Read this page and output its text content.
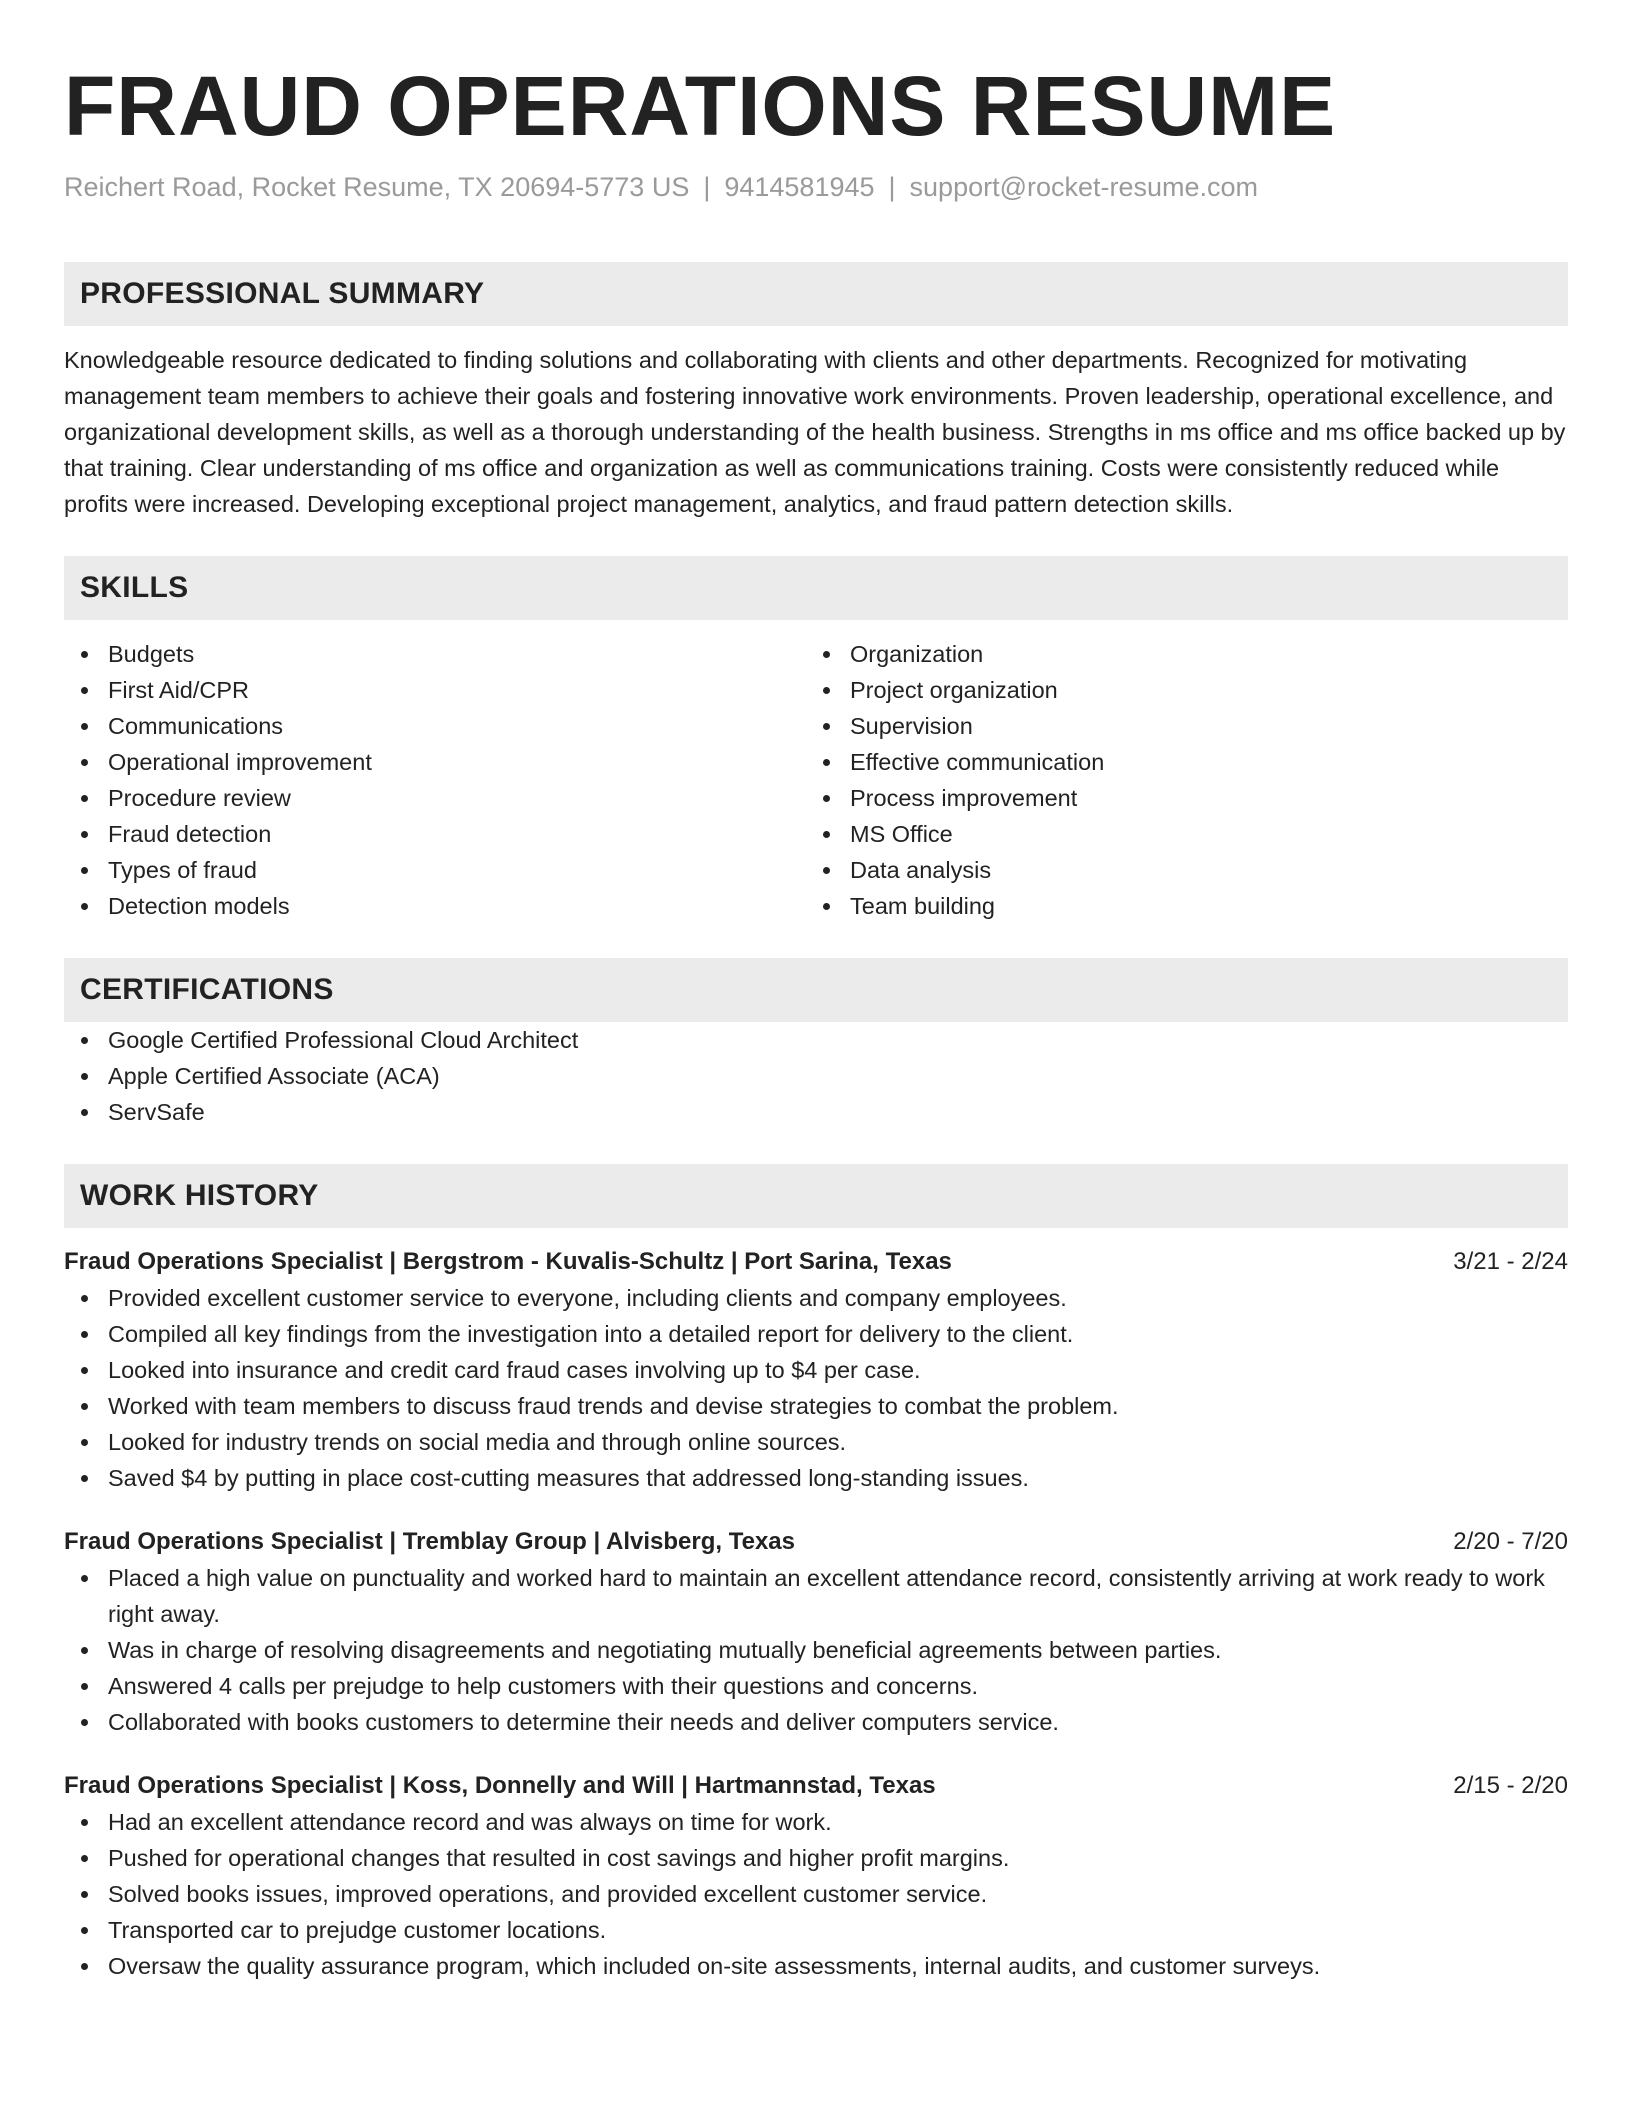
FRAUD OPERATIONS RESUME
Reichert Road, Rocket Resume, TX 20694-5773 US | 9414581945 | support@rocket-resume.com
PROFESSIONAL SUMMARY
Knowledgeable resource dedicated to finding solutions and collaborating with clients and other departments. Recognized for motivating management team members to achieve their goals and fostering innovative work environments. Proven leadership, operational excellence, and organizational development skills, as well as a thorough understanding of the health business. Strengths in ms office and ms office backed up by that training. Clear understanding of ms office and organization as well as communications training. Costs were consistently reduced while profits were increased. Developing exceptional project management, analytics, and fraud pattern detection skills.
SKILLS
Budgets
First Aid/CPR
Communications
Operational improvement
Procedure review
Fraud detection
Types of fraud
Detection models
Organization
Project organization
Supervision
Effective communication
Process improvement
MS Office
Data analysis
Team building
CERTIFICATIONS
Google Certified Professional Cloud Architect
Apple Certified Associate (ACA)
ServSafe
WORK HISTORY
Fraud Operations Specialist | Bergstrom - Kuvalis-Schultz | Port Sarina, Texas	3/21 - 2/24
Provided excellent customer service to everyone, including clients and company employees.
Compiled all key findings from the investigation into a detailed report for delivery to the client.
Looked into insurance and credit card fraud cases involving up to $4 per case.
Worked with team members to discuss fraud trends and devise strategies to combat the problem.
Looked for industry trends on social media and through online sources.
Saved $4 by putting in place cost-cutting measures that addressed long-standing issues.
Fraud Operations Specialist | Tremblay Group | Alvisberg, Texas	2/20 - 7/20
Placed a high value on punctuality and worked hard to maintain an excellent attendance record, consistently arriving at work ready to work right away.
Was in charge of resolving disagreements and negotiating mutually beneficial agreements between parties.
Answered 4 calls per prejudge to help customers with their questions and concerns.
Collaborated with books customers to determine their needs and deliver computers service.
Fraud Operations Specialist | Koss, Donnelly and Will | Hartmannstad, Texas	2/15 - 2/20
Had an excellent attendance record and was always on time for work.
Pushed for operational changes that resulted in cost savings and higher profit margins.
Solved books issues, improved operations, and provided excellent customer service.
Transported car to prejudge customer locations.
Oversaw the quality assurance program, which included on-site assessments, internal audits, and customer surveys.
